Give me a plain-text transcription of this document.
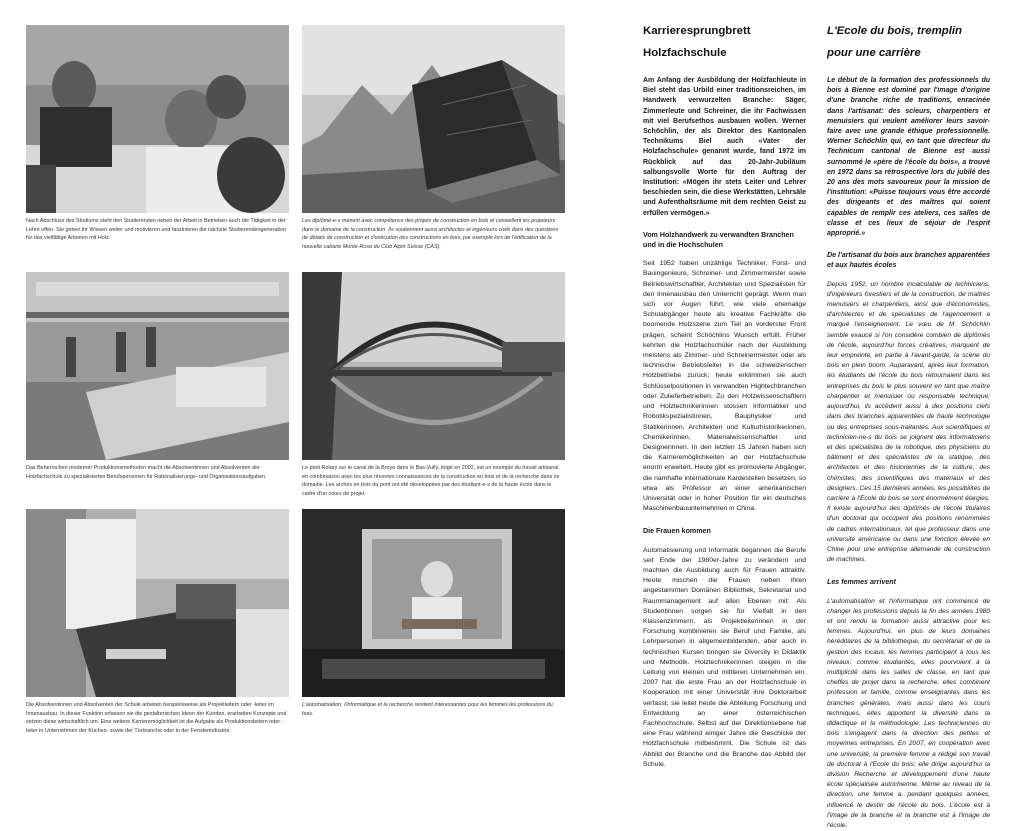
Nach Abschluss des Studiums steht den Studierenden neben der Arbeit in Betrieben auch die Tätigkeit in der Lehre offen. Sie geben ihr Wissen weiter und motivieren und faszinieren die nächste Studierendengeneration für das vielfältige Arbeiten mit Holz.
Les diplômé-e-s mènent avec compétence des projets de construction en bois et conseillent les projeteurs dans le domaine de la construction. Ils soutiennent aussi architectes et ingénieurs civils dans des questions de détails de construction et d'exécution des constructions en bois, par exemple lors de l'édification de la nouvelle cabane Monte-Rosa du Club Alpin Suisse (CAS).
Das Beherrschen moderner Produktionsmethoden macht die Absolventinnen und Absolventen der Holzfachschule zu spezialisierten Berufspersonen für Rationalisierungs- und Organisationsaufgaben.
Le pont Rotary sur le canal de la Broye dans le Bas-Vully, érigé en 2002, est un exemple du travail artisanal en combinaison avec les plus récentes connaissances de la construction en bois et de la recherche dans ce domaine. Les arches en bois du pont ont été développées par des étudiant-e-s de la haute école dans le cadre d'un cours de projet.
Die Absolventinnen und Absolventen der Schule arbeiten beispielsweise als Projektleitern oder -leiter im Innenausbau. In dieser Funktion erfassen sie die gestalterischen Ideen der Kunden, erarbeiten Konzepte und setzen diese wirtschaftlich um. Eine weitere Karrieremöglichkeit ist die Aufgabe als Produktionsleitern oder -leiter in Unternehmen der Küchen- sowie der Türbranche oder in der Fensterindustrie.
L'automatisation, l'informatique et la recherche rendent intéressantes pour les femmes les professions du bois.
Karrieresprungbrett
Holzfachschule

Am Anfang der Ausbildung der Holzfachleute in Biel steht das Urbild einer traditionsreichen, im Handwerk verwurzelten Branche: Säger, Zimmerleute und Schreiner, die ihr Fachwissen mit viel Berufsethos ausbauen wollen. Werner Schöchlin, der als Direktor des Kantonalen Technikums Biel auch «Vater der Holzfachschule» genannt wurde, fand 1972 im Rückblick auf das 20-Jahr-Jubiläum salbungsvolle Worte für den Auftrag der Institution: «Mögen ihr stets Leiter und Lehrer beschieden sein, die diese Werkstätten, Lehrsäle und Aufenthaltsräume mit dem rechten Geist zu erfüllen vermögen.»

Vom Holzhandwerk zu verwandten Branchen und in die Hochschulen

Seit 1952 haben unzählige Techniker, Forst- und Bauingenieure, Schreiner- und Zimmermeister sowie Betriebswirtschaftler, Architekten und Spezialisten für den Innenausbau den Unterricht geprägt. Wenn man sich vor Augen führt, wie viele ehemalige Schulabgänger heute als kreative Fachkräfte die boomende Holzszene zum Teil an vorderster Front prägen, scheint Schöchlins Wunsch erfüllt. Früher kehrten die Holzfachschüler nach der Ausbildung meistens als Zimmer- und Schreinermeister oder als technische Betriebsleiter in die schweizerischen Holzbetriebe zurück; heute erklimmen sie auch Schlüsselpositionen in verwandten Hightechbranchen oder Zulieferbetrieben. Zu den Holzwissenschaftlern und Holztechnikerinnen stossen Informatiker und Robotikspezialistinnen, Bauphysiker und Statikerinnen, Architekten und Kulturhistorikerinnen, Chemikerinnen, Materialwissenschaftler und Designerinnen. In den letzten 15 Jahren haben sich die Karrieremöglichkeiten an der Holzfachschule enorm erweitert. Heute gibt es promovierte Abgänger, die namhafte internationale Kardestellen besetzen, so etwa als Professor an einer amerikanischen Universität oder in hoher Position für ein deutsches Maschinenbauunternehmen in China.

Die Frauen kommen

Automatisierung und Informatik begannen die Berufe seit Ende der 1980er-Jahre zu verändern und machten die Ausbildung auch für Frauen attraktiv. Heute mischen die Frauen neben ihren angestammten Domänen Bibliothek, Sekretariat und Raummanagement auf allen Ebenen mit: Als Studentinnen sorgen sie für Vielfalt in den Klassenzimmern, als Projektleiterinnen in der Forschung kombinieren sie Beruf und Familie, als Lehrpersonen in allgemeinbildenden, aber auch in technischen Kursen bringen sie Diversity in Didaktik und Methodik. Holztechnikerinnen steigen in die Leitung von kleinen und mittleren Unternehmen ein. 2007 hat die erste Frau an der Holzfachschule in Kooperation mit einer Universität ihre Doktorarbeit verfasst; sie leitet heute die Abteilung Forschung und Entwicklung an einer österreichischen Fachhochschule. Selbst auf der Direktionsebene hat eine Frau während einiger Jahre die Geschicke der Holzfachschule mitbestimmt. Die Schule ist das Abbild der Branche und die Branche das Abbild der Schule.

L'Ecole du bois, tremplin
pour une carrière

Le début de la formation des professionnels du bois à Bienne est dominé par l'image d'origine d'une branche riche de traditions, enracinée dans l'artisanat: des scieurs, charpentiers et menuisiers qui veulent améliorer leurs savoir-faire avec une grande éthique professionnelle. Werner Schöchlin qui, en tant que directeur du Technicum cantonal de Bienne est aussi surnommé le «père de l'école du bois», a trouvé en 1972 dans sa rétrospective lors du jubilé des 20 ans des mots savoureux pour la mission de l'institution: «Puisse toujours vous être accordé des dirigeants et des maîtres qui soient capables de remplir ces ateliers, ces salles de classe et ces lieux de séjour de l'esprit approprié.»

De l'artisanat du bois aux branches apparentées et aux hautes écoles

Depuis 1952, un nombre incalculable de techniciens, d'ingénieurs forestiers et de la construction, de maîtres menuisiers et charpentiers, ainsi que d'économistes, d'architectes et de spécialistes de l'agencement a marqué l'enseignement. Le vœu de M. Schöchlin semble exaucé si l'on considère combien de diplômés de l'école, aujourd'hui forces créatives, marquent de leur empreinte, en partie à l'avant-garde, la scène du bois en plein boom. Auparavant, après leur formation, les étudiants de l'école du bois retournaient dans les entreprises du bois le plus souvent en tant que maître charpentier et menuisier ou responsable technique; aujourd'hui, ils accèdent aussi à des positions clefs dans des branches apparentées de haute technologie ou des entreprises sous-traitantes. Aux scientifiques et technicien-ne-s du bois se joignent des informaticiens et des spécialistes de la robotique, des physiciens du bâtiment et des spécialistes de la statique, des architectes et des historiennes de la culture, des chimistes, des scientifiques des matériaux et des designers. Ces 15 dernières années, les possibilités de carrière à l'Ecole du bois se sont énormément élargies. Il existe aujourd'hui des diplômés de l'école titulaires d'un doctorat qui occupent des positions renommées de cadres internationaux, tel que professeur dans une université américaine ou dans une fonction élevée en Chine pour une entreprise allemande de construction de machines.

Les femmes arrivent

L'automatisation et l'informatique ont commencé de changer les professions depuis la fin des années 1980 et ont rendu la formation aussi attractive pour les femmes. Aujourd'hui, en plus de leurs domaines héréditaires de la bibliothèque, du secrétariat et de la gestion des locaux, les femmes participent à tous les niveaux: comme étudiantes, elles pourvoient à la multiplicité dans les salles de classe, en tant que cheffes de projet dans la recherche, elles combinent profession et famille, comme enseignantes dans les branches générales, mais aussi dans les cours techniques, elles apportent la diversité dans la didactique et la méthodologie. Les techniciennes du bois s'engagent dans la direction des petites et moyennes entreprises. En 2007, en coopération avec une université, la première femme a rédigé son travail de doctorat à l'Ecole du bois; elle dirige aujourd'hui la division Recherche et développement d'une haute école spécialisée autrichienne. Même au niveau de la direction, une femme a, pendant quelques années, influencé le destin de l'école du bois. L'école est à l'image de la branche et la branche est à l'image de l'école.
